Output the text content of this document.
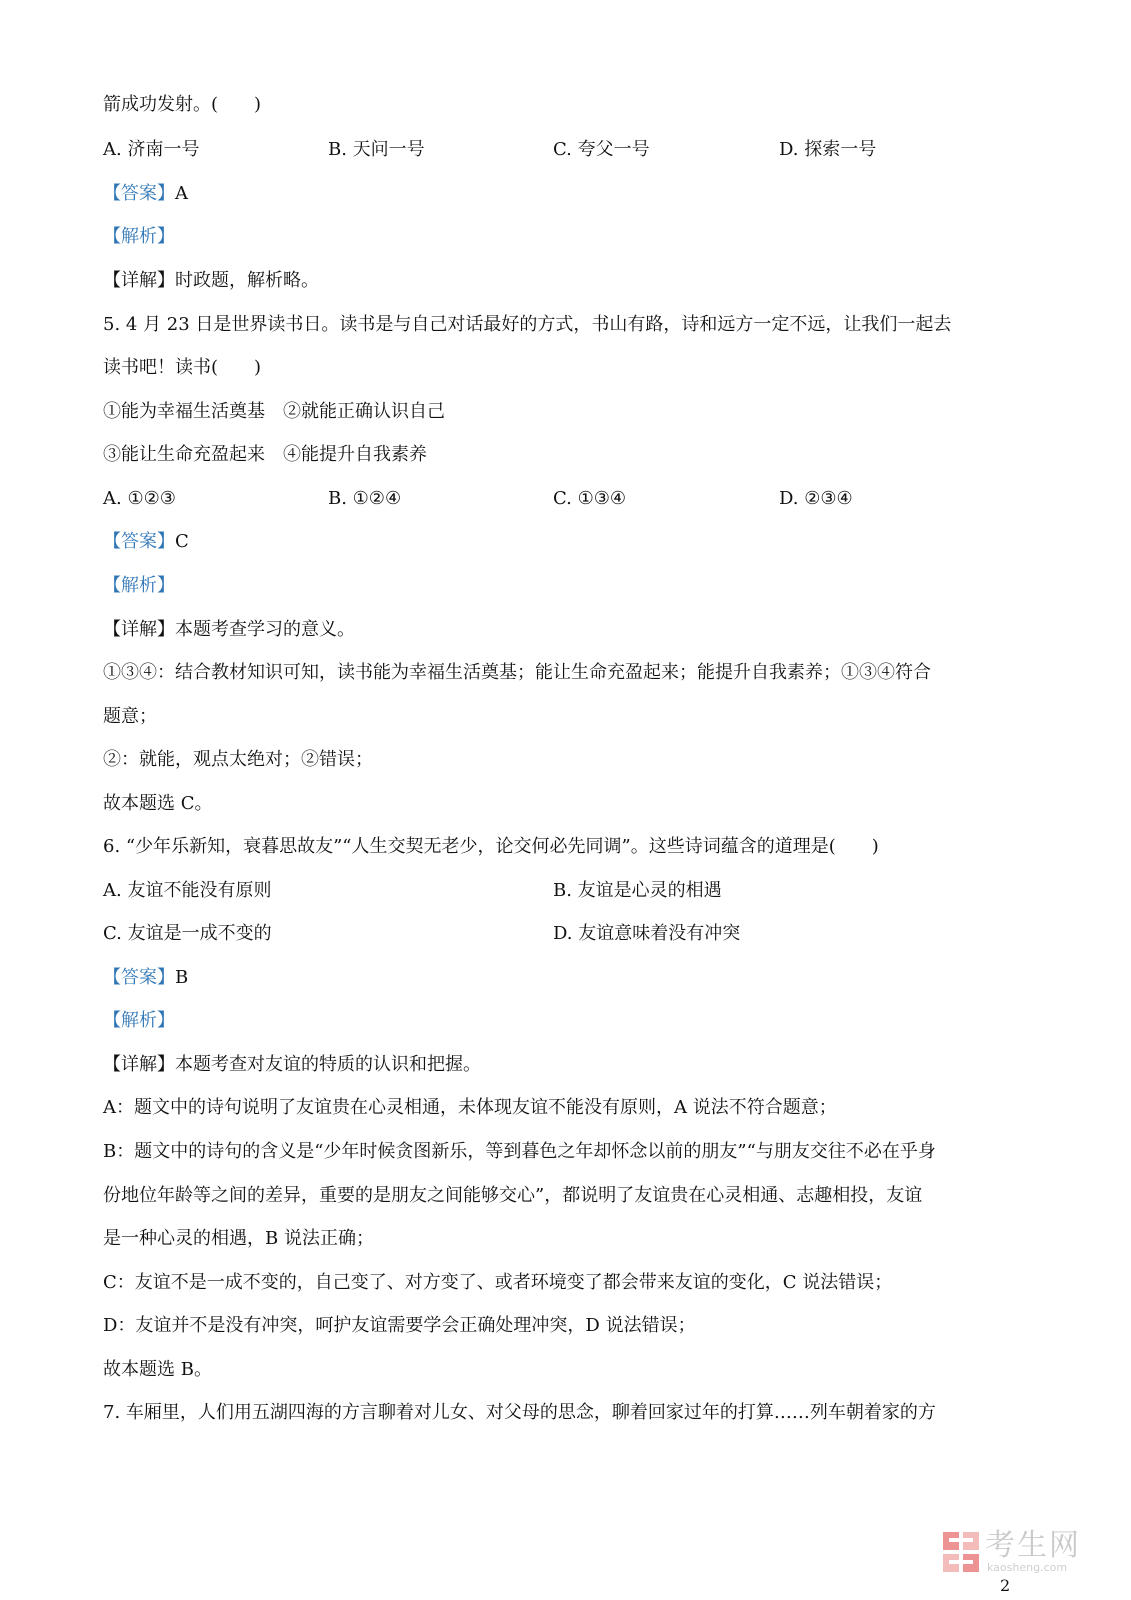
箭成功发射。(　　)
A. 济南一号	B. 天问一号	C. 夸父一号	D. 探索一号
【答案】A
【解析】
【详解】时政题，解析略。
5. 4 月 23 日是世界读书日。读书是与自己对话最好的方式，书山有路，诗和远方一定不远，让我们一起去
读书吧！读书(　　)
①能为幸福生活奠基　②就能正确认识自己
③能让生命充盈起来　④能提升自我素养
A. ①②③	B. ①②④	C. ①③④	D. ②③④
【答案】C
【解析】
【详解】本题考查学习的意义。
①③④：结合教材知识可知，读书能为幸福生活奠基；能让生命充盈起来；能提升自我素养；①③④符合
题意；
②：就能，观点太绝对；②错误；
故本题选 C。
6. “少年乐新知，衰暮思故友”“人生交契无老少，论交何必先同调”。这些诗词蕴含的道理是(　　)
A. 友谊不能没有原则	B. 友谊是心灵的相遇
C. 友谊是一成不变的	D. 友谊意味着没有冲突
【答案】B
【解析】
【详解】本题考查对友谊的特质的认识和把握。
A：题文中的诗句说明了友谊贵在心灵相通，未体现友谊不能没有原则，A 说法不符合题意；
B：题文中的诗句的含义是“少年时候贪图新乐，等到暮色之年却怀念以前的朋友”“与朋友交往不必在乎身
份地位年龄等之间的差异，重要的是朋友之间能够交心”，都说明了友谊贵在心灵相通、志趣相投，友谊
是一种心灵的相遇，B 说法正确；
C：友谊不是一成不变的，自己变了、对方变了、或者环境变了都会带来友谊的变化，C 说法错误；
D：友谊并不是没有冲突，呵护友谊需要学会正确处理冲突，D 说法错误；
故本题选 B。
7. 车厢里，人们用五湖四海的方言聊着对儿女、对父母的思念，聊着回家过年的打算……列车朝着家的方
考生网
kaosheng.com
2
